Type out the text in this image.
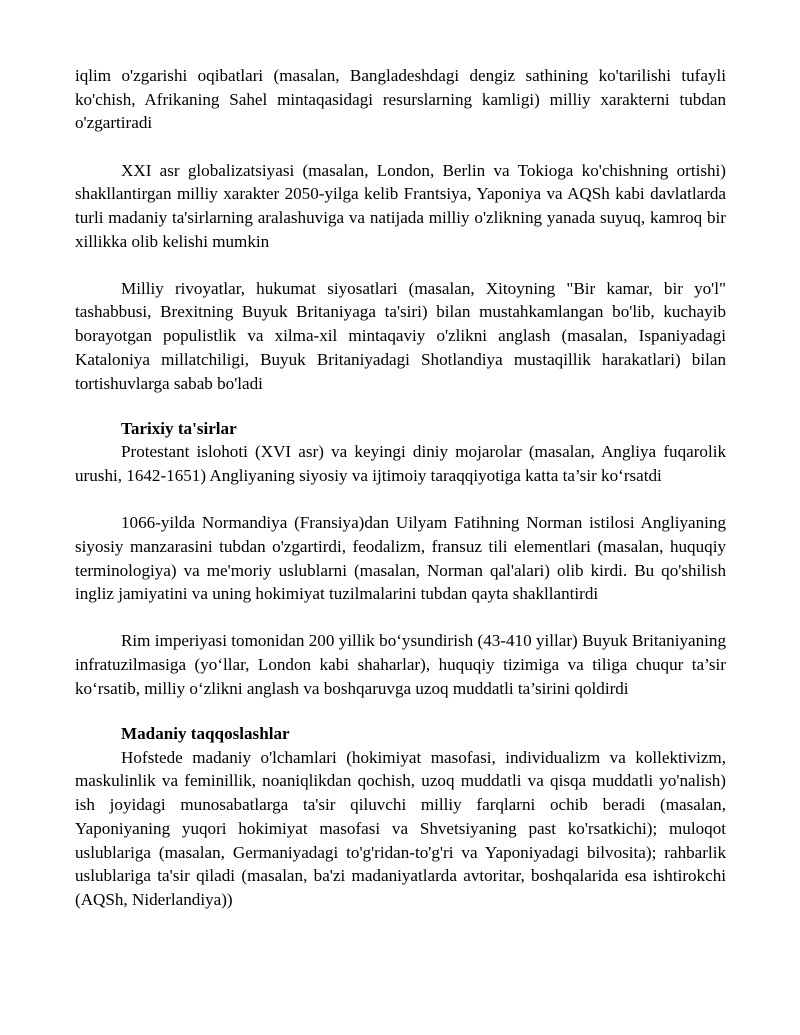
iqlim o'zgarishi oqibatlari (masalan, Bangladeshdagi dengiz sathining ko'tarilishi tufayli ko'chish, Afrikaning Sahel mintaqasidagi resurslarning kamligi) milliy xarakterni tubdan o'zgartiradi

XXI asr globalizatsiyasi (masalan, London, Berlin va Tokioga ko'chishning ortishi) shakllantirgan milliy xarakter 2050-yilga kelib Frantsiya, Yaponiya va AQSh kabi davlatlarda turli madaniy ta'sirlarning aralashuviga va natijada milliy o'zlikning yanada suyuq, kamroq bir xillikka olib kelishi mumkin

Milliy rivoyatlar, hukumat siyosatlari (masalan, Xitoyning "Bir kamar, bir yo'l" tashabbusi, Brexitning Buyuk Britaniyaga ta'siri) bilan mustahkamlangan bo'lib, kuchayib borayotgan populistlik va xilma-xil mintaqaviy o'zlikni anglash (masalan, Ispaniyadagi Kataloniya millatchiligi, Buyuk Britaniyadagi Shotlandiya mustaqillik harakatlari) bilan tortishuvlarga sabab bo'ladi

Tarixiy ta'sirlar

Protestant islohoti (XVI asr) va keyingi diniy mojarolar (masalan, Angliya fuqarolik urushi, 1642-1651) Angliyaning siyosiy va ijtimoiy taraqqiyotiga katta ta’sir ko‘rsatdi

1066-yilda Normandiya (Fransiya)dan Uilyam Fatihning Norman istilosi Angliyaning siyosiy manzarasini tubdan o'zgartirdi, feodalizm, fransuz tili elementlari (masalan, huquqiy terminologiya) va me'moriy uslublarni (masalan, Norman qal'alari) olib kirdi. Bu qo'shilish ingliz jamiyatini va uning hokimiyat tuzilmalarini tubdan qayta shakllantirdi

Rim imperiyasi tomonidan 200 yillik bo‘ysundirish (43-410 yillar) Buyuk Britaniyaning infratuzilmasiga (yo‘llar, London kabi shaharlar), huquqiy tizimiga va tiliga chuqur ta’sir ko‘rsatib, milliy o‘zlikni anglash va boshqaruvga uzoq muddatli ta’sirini qoldirdi

Madaniy taqqoslashlar

Hofstede madaniy o'lchamlari (hokimiyat masofasi, individualizm va kollektivizm, maskulinlik va feminillik, noaniqlikdan qochish, uzoq muddatli va qisqa muddatli yo'nalish) ish joyidagi munosabatlarga ta'sir qiluvchi milliy farqlarni ochib beradi (masalan, Yaponiyaning yuqori hokimiyat masofasi va Shvetsiyaning past ko'rsatkichi); muloqot uslublariga (masalan, Germaniyadagi to'g'ridan-to'g'ri va Yaponiyadagi bilvosita); rahbarlik uslublariga ta'sir qiladi (masalan, ba'zi madaniyatlarda avtoritar, boshqalarida esa ishtirokchi (AQSh, Niderlandiya))
